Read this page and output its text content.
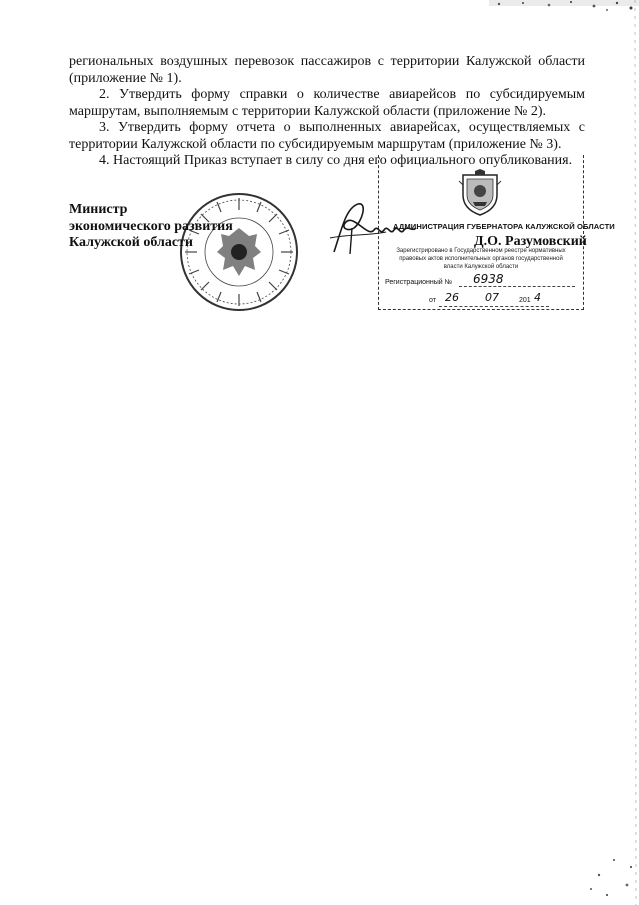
региональных воздушных перевозок пассажиров с территории Калужской области (приложение № 1).

2. Утвердить форму справки о количестве авиарейсов по субсидируемым маршрутам, выполняемым с территории Калужской области (приложение № 2).

3. Утвердить форму отчета о выполненных авиарейсах, осуществляемых с территории Калужской области по субсидируемым маршрутам (приложение № 3).

4. Настоящий Приказ вступает в силу со дня его официального опубликования.

АДМИНИСТРАЦИЯ ГУБЕРНАТОРА КАЛУЖСКОЙ ОБЛАСТИ
Зарегистрировано в Государственном реестре нормативных правовых актов исполнительных органов государственной власти Калужской области
Регистрационный № 6938
от 26 07	201 4
Министр
экономического развития
Калужской области	Д.О. Разумовский
